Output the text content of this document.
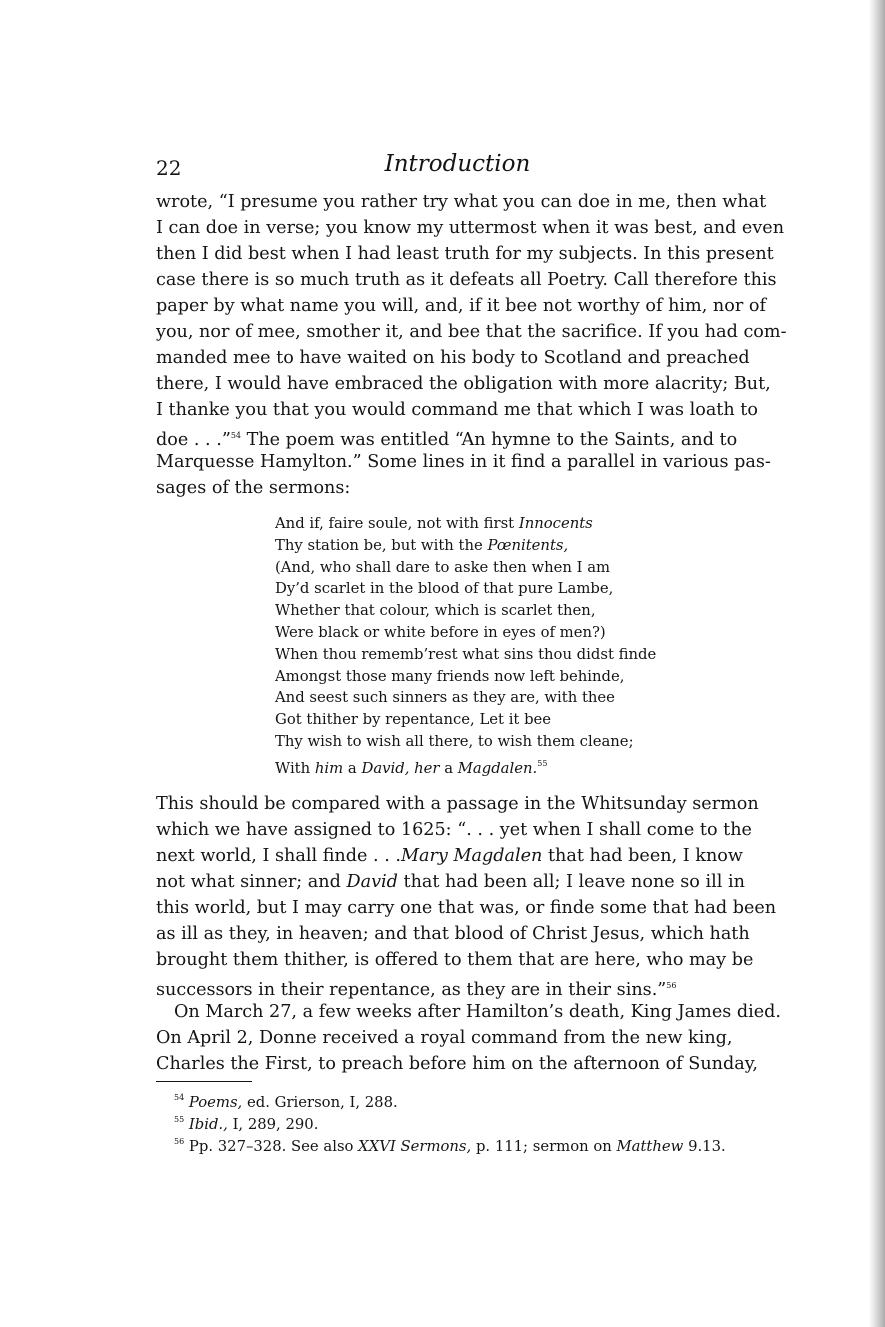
22	Introduction
wrote, “I presume you rather try what you can doe in me, then what
I can doe in verse; you know my uttermost when it was best, and even
then I did best when I had least truth for my subjects. In this present
case there is so much truth as it defeats all Poetry. Call therefore this
paper by what name you will, and, if it bee not worthy of him, nor of
you, nor of mee, smother it, and bee that the sacrifice. If you had com-
manded mee to have waited on his body to Scotland and preached
there, I would have embraced the obligation with more alacrity; But,
I thanke you that you would command me that which I was loath to
doe . . .”$^{54}$ The poem was entitled “An hymne to the Saints, and to
Marquesse Hamylton.” Some lines in it find a parallel in various pas-
sages of the sermons:
And if, faire soule, not with first Innocents
Thy station be, but with the Pœnitents,
(And, who shall dare to aske then when I am
Dy’d scarlet in the blood of that pure Lambe,
Whether that colour, which is scarlet then,
Were black or white before in eyes of men?)
When thou rememb’rest what sins thou didst finde
Amongst those many friends now left behinde,
And seest such sinners as they are, with thee
Got thither by repentance, Let it bee
Thy wish to wish all there, to wish them cleane;
With him a David, her a Magdalen.$^{55}$
This should be compared with a passage in the Whitsunday sermon
which we have assigned to 1625: “. . . yet when I shall come to the
next world, I shall finde . . .Mary Magdalen that had been, I know
not what sinner; and David that had been all; I leave none so ill in
this world, but I may carry one that was, or finde some that had been
as ill as they, in heaven; and that blood of Christ Jesus, which hath
brought them thither, is offered to them that are here, who may be
successors in their repentance, as they are in their sins.”$^{56}$
On March 27, a few weeks after Hamilton’s death, King James died.
On April 2, Donne received a royal command from the new king,
Charles the First, to preach before him on the afternoon of Sunday,
$^{54}$ Poems, ed. Grierson, I, 288.
$^{55}$ Ibid., I, 289, 290.
$^{56}$ Pp. 327–328. See also XXVI Sermons, p. 111; sermon on Matthew 9.13.
